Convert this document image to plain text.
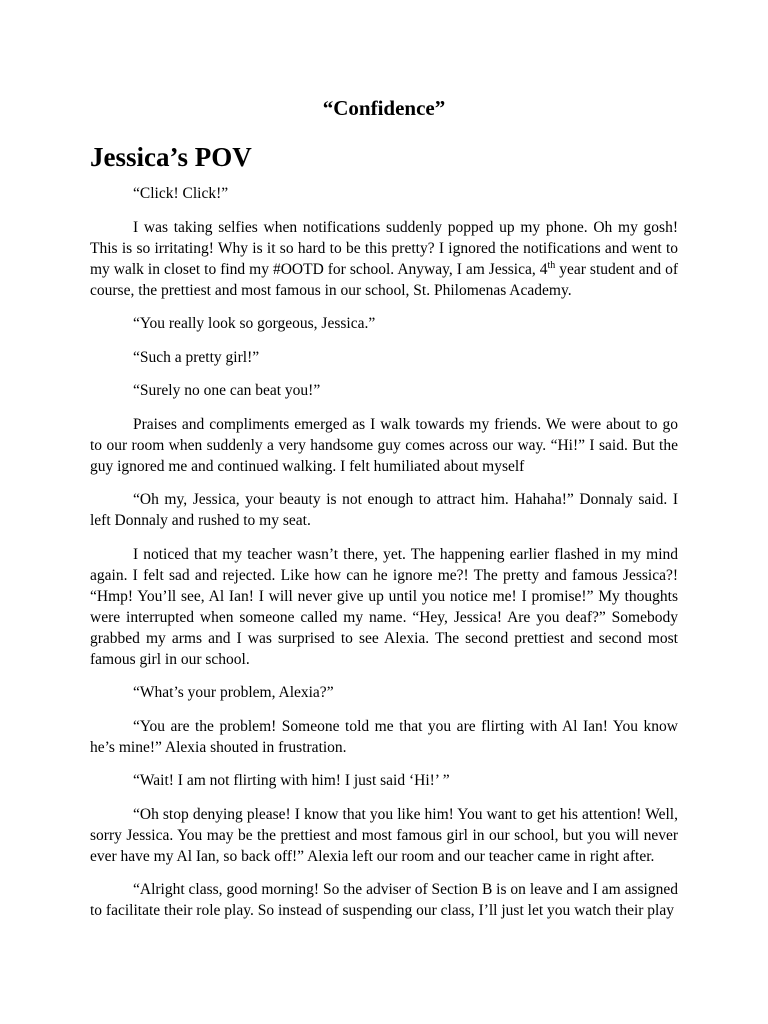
“Confidence”
Jessica’s POV

“Click! Click!”

I was taking selfies when notifications suddenly popped up my phone. Oh my gosh! This is so irritating! Why is it so hard to be this pretty? I ignored the notifications and went to my walk in closet to find my #OOTD for school. Anyway, I am Jessica, 4th year student and of course, the prettiest and most famous in our school, St. Philomenas Academy.

“You really look so gorgeous, Jessica.”

“Such a pretty girl!”

“Surely no one can beat you!”

Praises and compliments emerged as I walk towards my friends. We were about to go to our room when suddenly a very handsome guy comes across our way. “Hi!” I said. But the guy ignored me and continued walking. I felt humiliated about myself

“Oh my, Jessica, your beauty is not enough to attract him. Hahaha!” Donnaly said. I left Donnaly and rushed to my seat.

I noticed that my teacher wasn’t there, yet. The happening earlier flashed in my mind again. I felt sad and rejected. Like how can he ignore me?! The pretty and famous Jessica?! “Hmp! You’ll see, Al Ian! I will never give up until you notice me! I promise!” My thoughts were interrupted when someone called my name. “Hey, Jessica! Are you deaf?” Somebody grabbed my arms and I was surprised to see Alexia. The second prettiest and second most famous girl in our school.

“What’s your problem, Alexia?”

“You are the problem! Someone told me that you are flirting with Al Ian! You know he’s mine!” Alexia shouted in frustration.

“Wait! I am not flirting with him! I just said ‘Hi!’ ”

“Oh stop denying please! I know that you like him! You want to get his attention! Well, sorry Jessica. You may be the prettiest and most famous girl in our school, but you will never ever have my Al Ian, so back off!” Alexia left our room and our teacher came in right after.

“Alright class, good morning! So the adviser of Section B is on leave and I am assigned to facilitate their role play. So instead of suspending our class, I’ll just let you watch their play
